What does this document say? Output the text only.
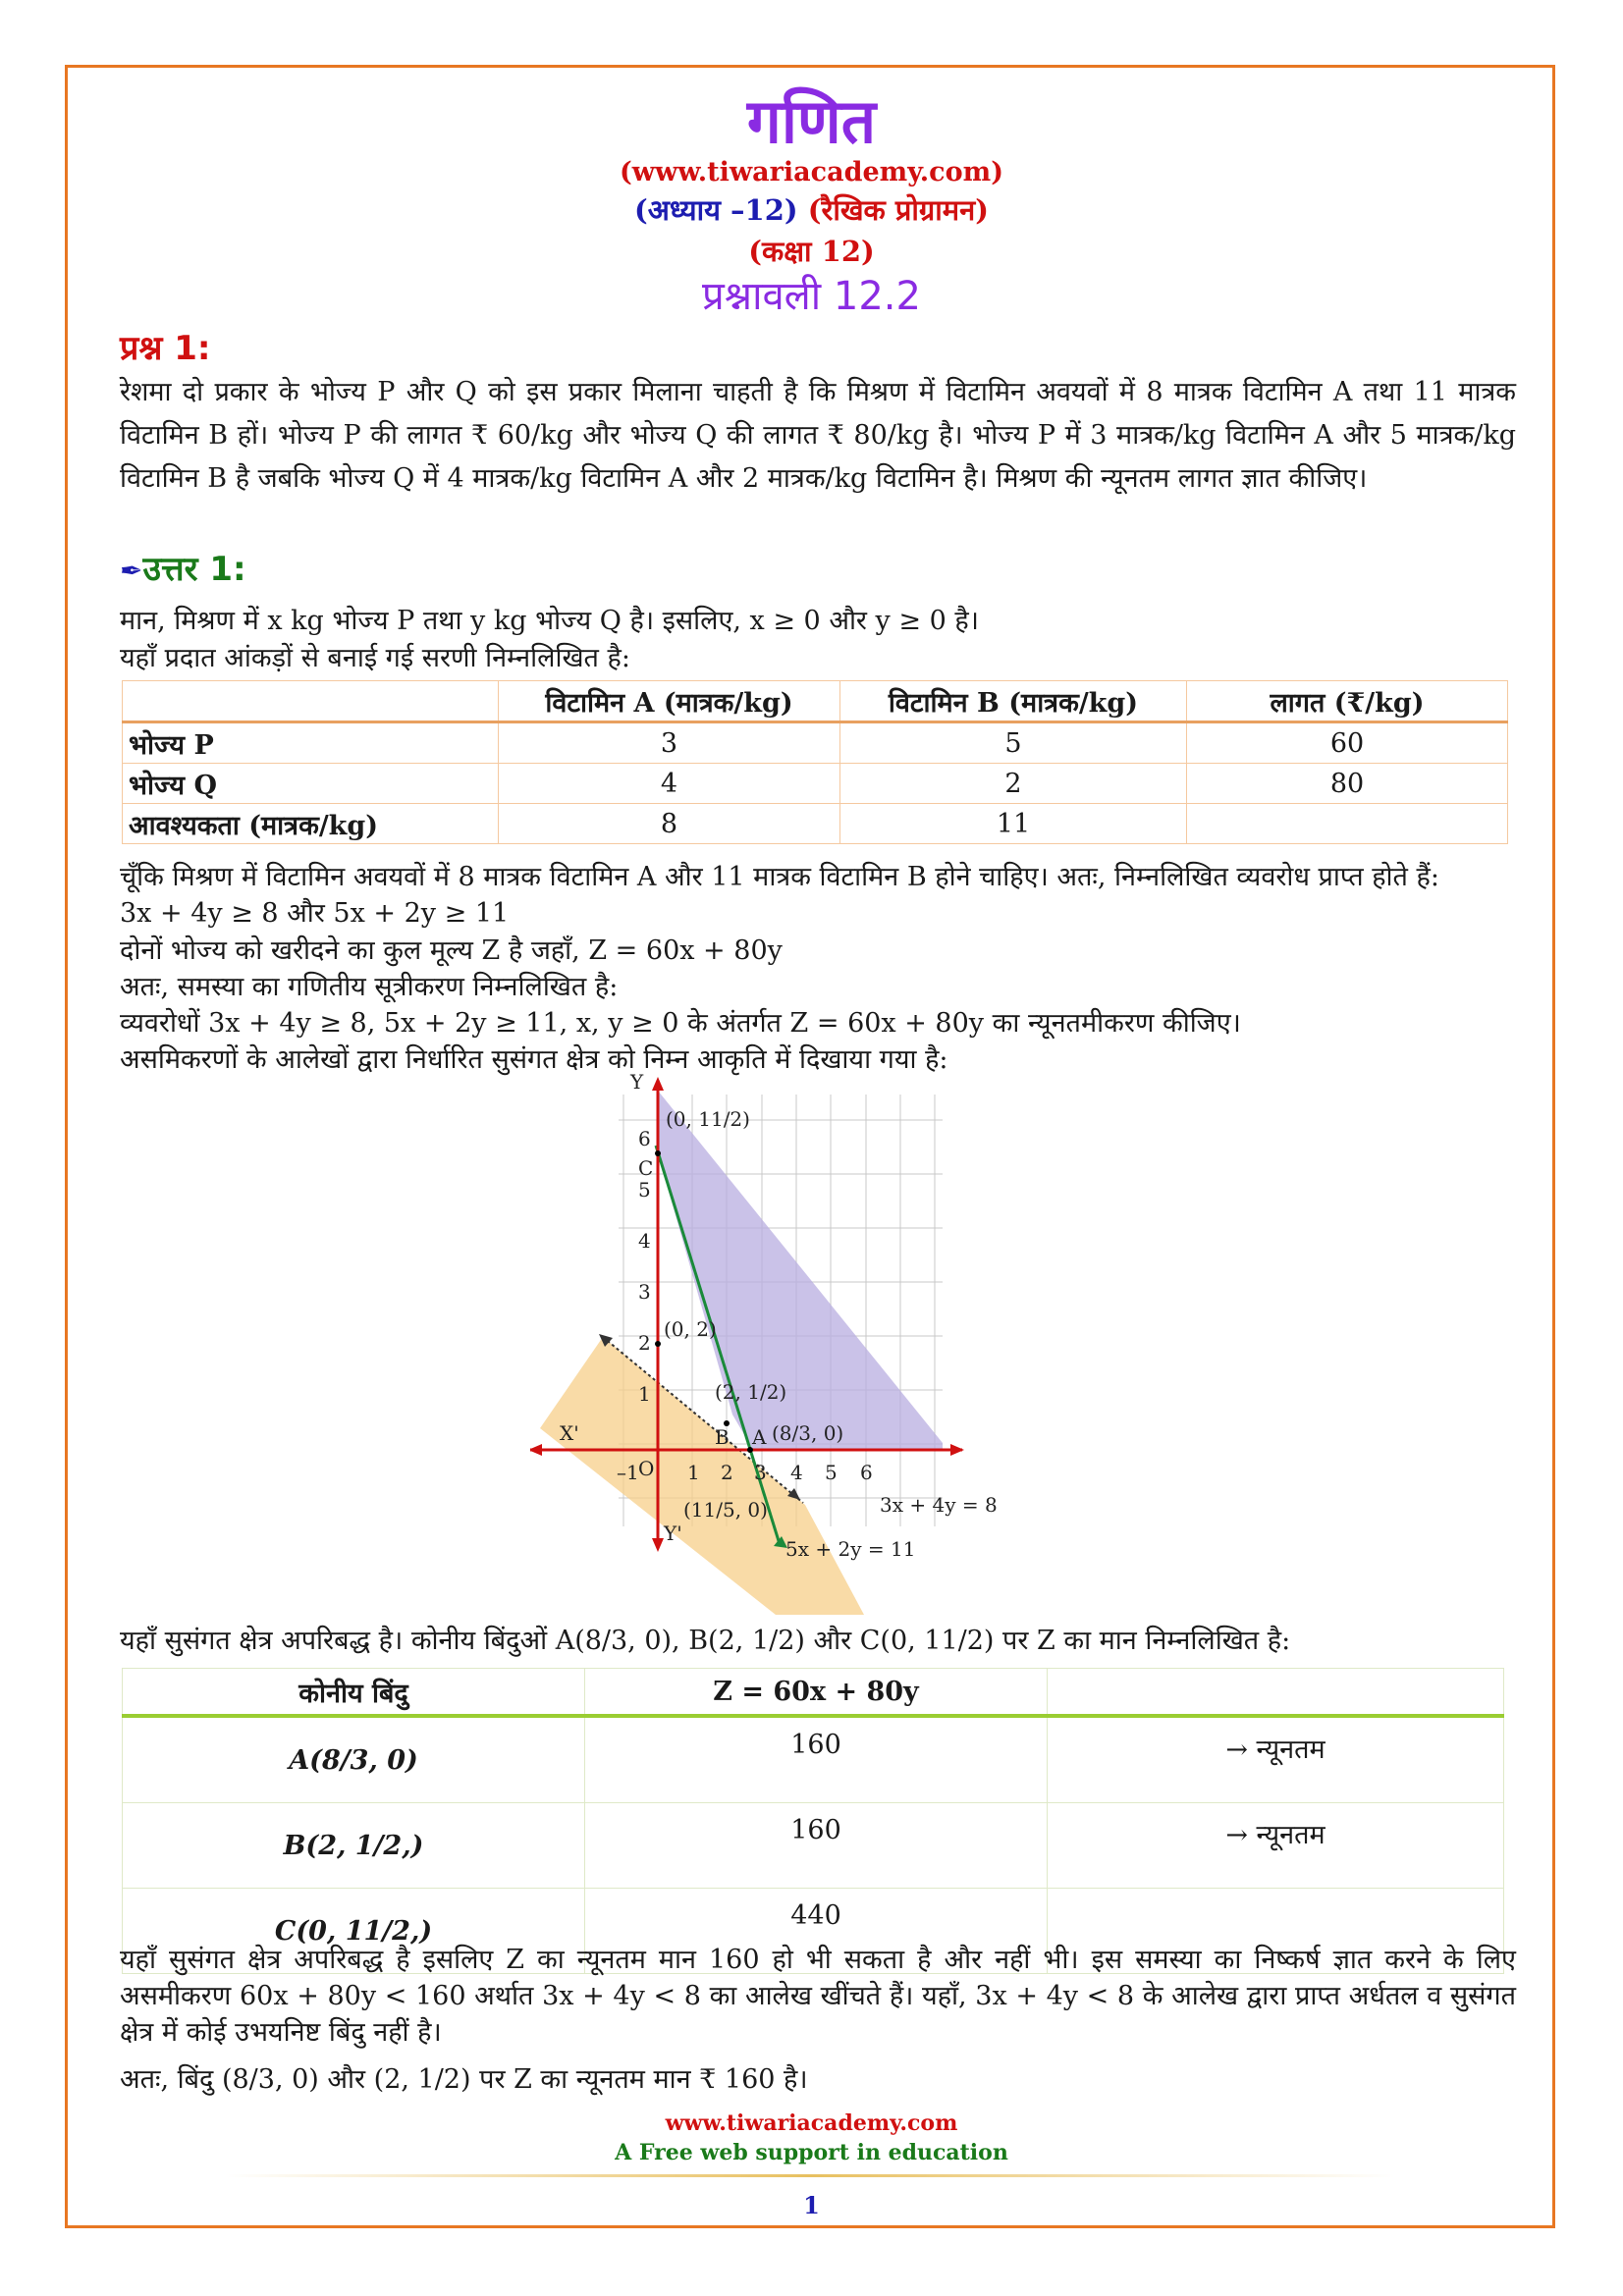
गणित
(www.tiwariacademy.com)
(अध्याय –12) (रैखिक प्रोग्रामन)
(कक्षा 12)
प्रश्नावली 12.2
प्रश्न 1:

रेशमा दो प्रकार के भोज्य P और Q को इस प्रकार मिलाना चाहती है कि मिश्रण में विटामिन अवयवों में 8 मात्रक विटामिन A तथा 11 मात्रक विटामिन B हों। भोज्य P की लागत ₹ 60/kg और भोज्य Q की लागत ₹ 80/kg है। भोज्य P में 3 मात्रक/kg विटामिन A और 5 मात्रक/kg विटामिन B है जबकि भोज्य Q में 4 मात्रक/kg विटामिन A और 2 मात्रक/kg विटामिन है। मिश्रण की न्यूनतम लागत ज्ञात कीजिए।

✒उत्तर 1:

मान, मिश्रण में x kg भोज्य P तथा y kg भोज्य Q है। इसलिए, x ≥ 0 और y ≥ 0 है।

यहाँ प्रदात आंकड़ों से बनाई गई सरणी निम्नलिखित है:

	विटामिन A (मात्रक/kg)	विटामिन B (मात्रक/kg)	लागत (₹/kg)
भोज्य P	3	5	60
भोज्य Q	4	2	80
आवश्यकता (मात्रक/kg)	8	11	

चूँकि मिश्रण में विटामिन अवयवों में 8 मात्रक विटामिन A और 11 मात्रक विटामिन B होने चाहिए। अतः, निम्नलिखित व्यवरोध प्राप्त होते हैं:

3x + 4y ≥ 8 और 5x + 2y ≥ 11

दोनों भोज्य को खरीदने का कुल मूल्य Z है जहाँ, Z = 60x + 80y

अतः, समस्या का गणितीय सूत्रीकरण निम्नलिखित है:

व्यवरोधों 3x + 4y ≥ 8, 5x + 2y ≥ 11, x, y ≥ 0 के अंतर्गत Z = 60x + 80y का न्यूनतमीकरण कीजिए।

असमिकरणों के आलेखों द्वारा निर्धारित सुसंगत क्षेत्र को निम्न आकृति में दिखाया गया है:

Y
Y'
X'
O
–1 1 2 3 4 5 6
1
2
3
4
5
6
C
B A
(0, 11/2)
(0, 2)
(2, 1/2)
(8/3, 0)
(11/5, 0)	3x + 4y = 8
5x + 2y = 11

यहाँ सुसंगत क्षेत्र अपरिबद्ध है। कोनीय बिंदुओं A(8/3, 0), B(2, 1/2) और C(0, 11/2) पर Z का मान निम्नलिखित है:

कोनीय बिंदु	Z = 60x + 80y	
A(8/3, 0)	160	→ न्यूनतम
B(2, 1/2,)	160	→ न्यूनतम
C(0, 11/2,)	440	

यहाँ सुसंगत क्षेत्र अपरिबद्ध है इसलिए Z का न्यूनतम मान 160 हो भी सकता है और नहीं भी। इस समस्या का निष्कर्ष ज्ञात करने के लिए असमीकरण 60x + 80y < 160 अर्थात 3x + 4y < 8 का आलेख खींचते हैं। यहाँ, 3x + 4y < 8 के आलेख द्वारा प्राप्त अर्धतल व सुसंगत क्षेत्र में कोई उभयनिष्ट बिंदु नहीं है।

अतः, बिंदु (8/3, 0) और (2, 1/2) पर Z का न्यूनतम मान ₹ 160 है।

www.tiwariacademy.com
A Free web support in education
1
